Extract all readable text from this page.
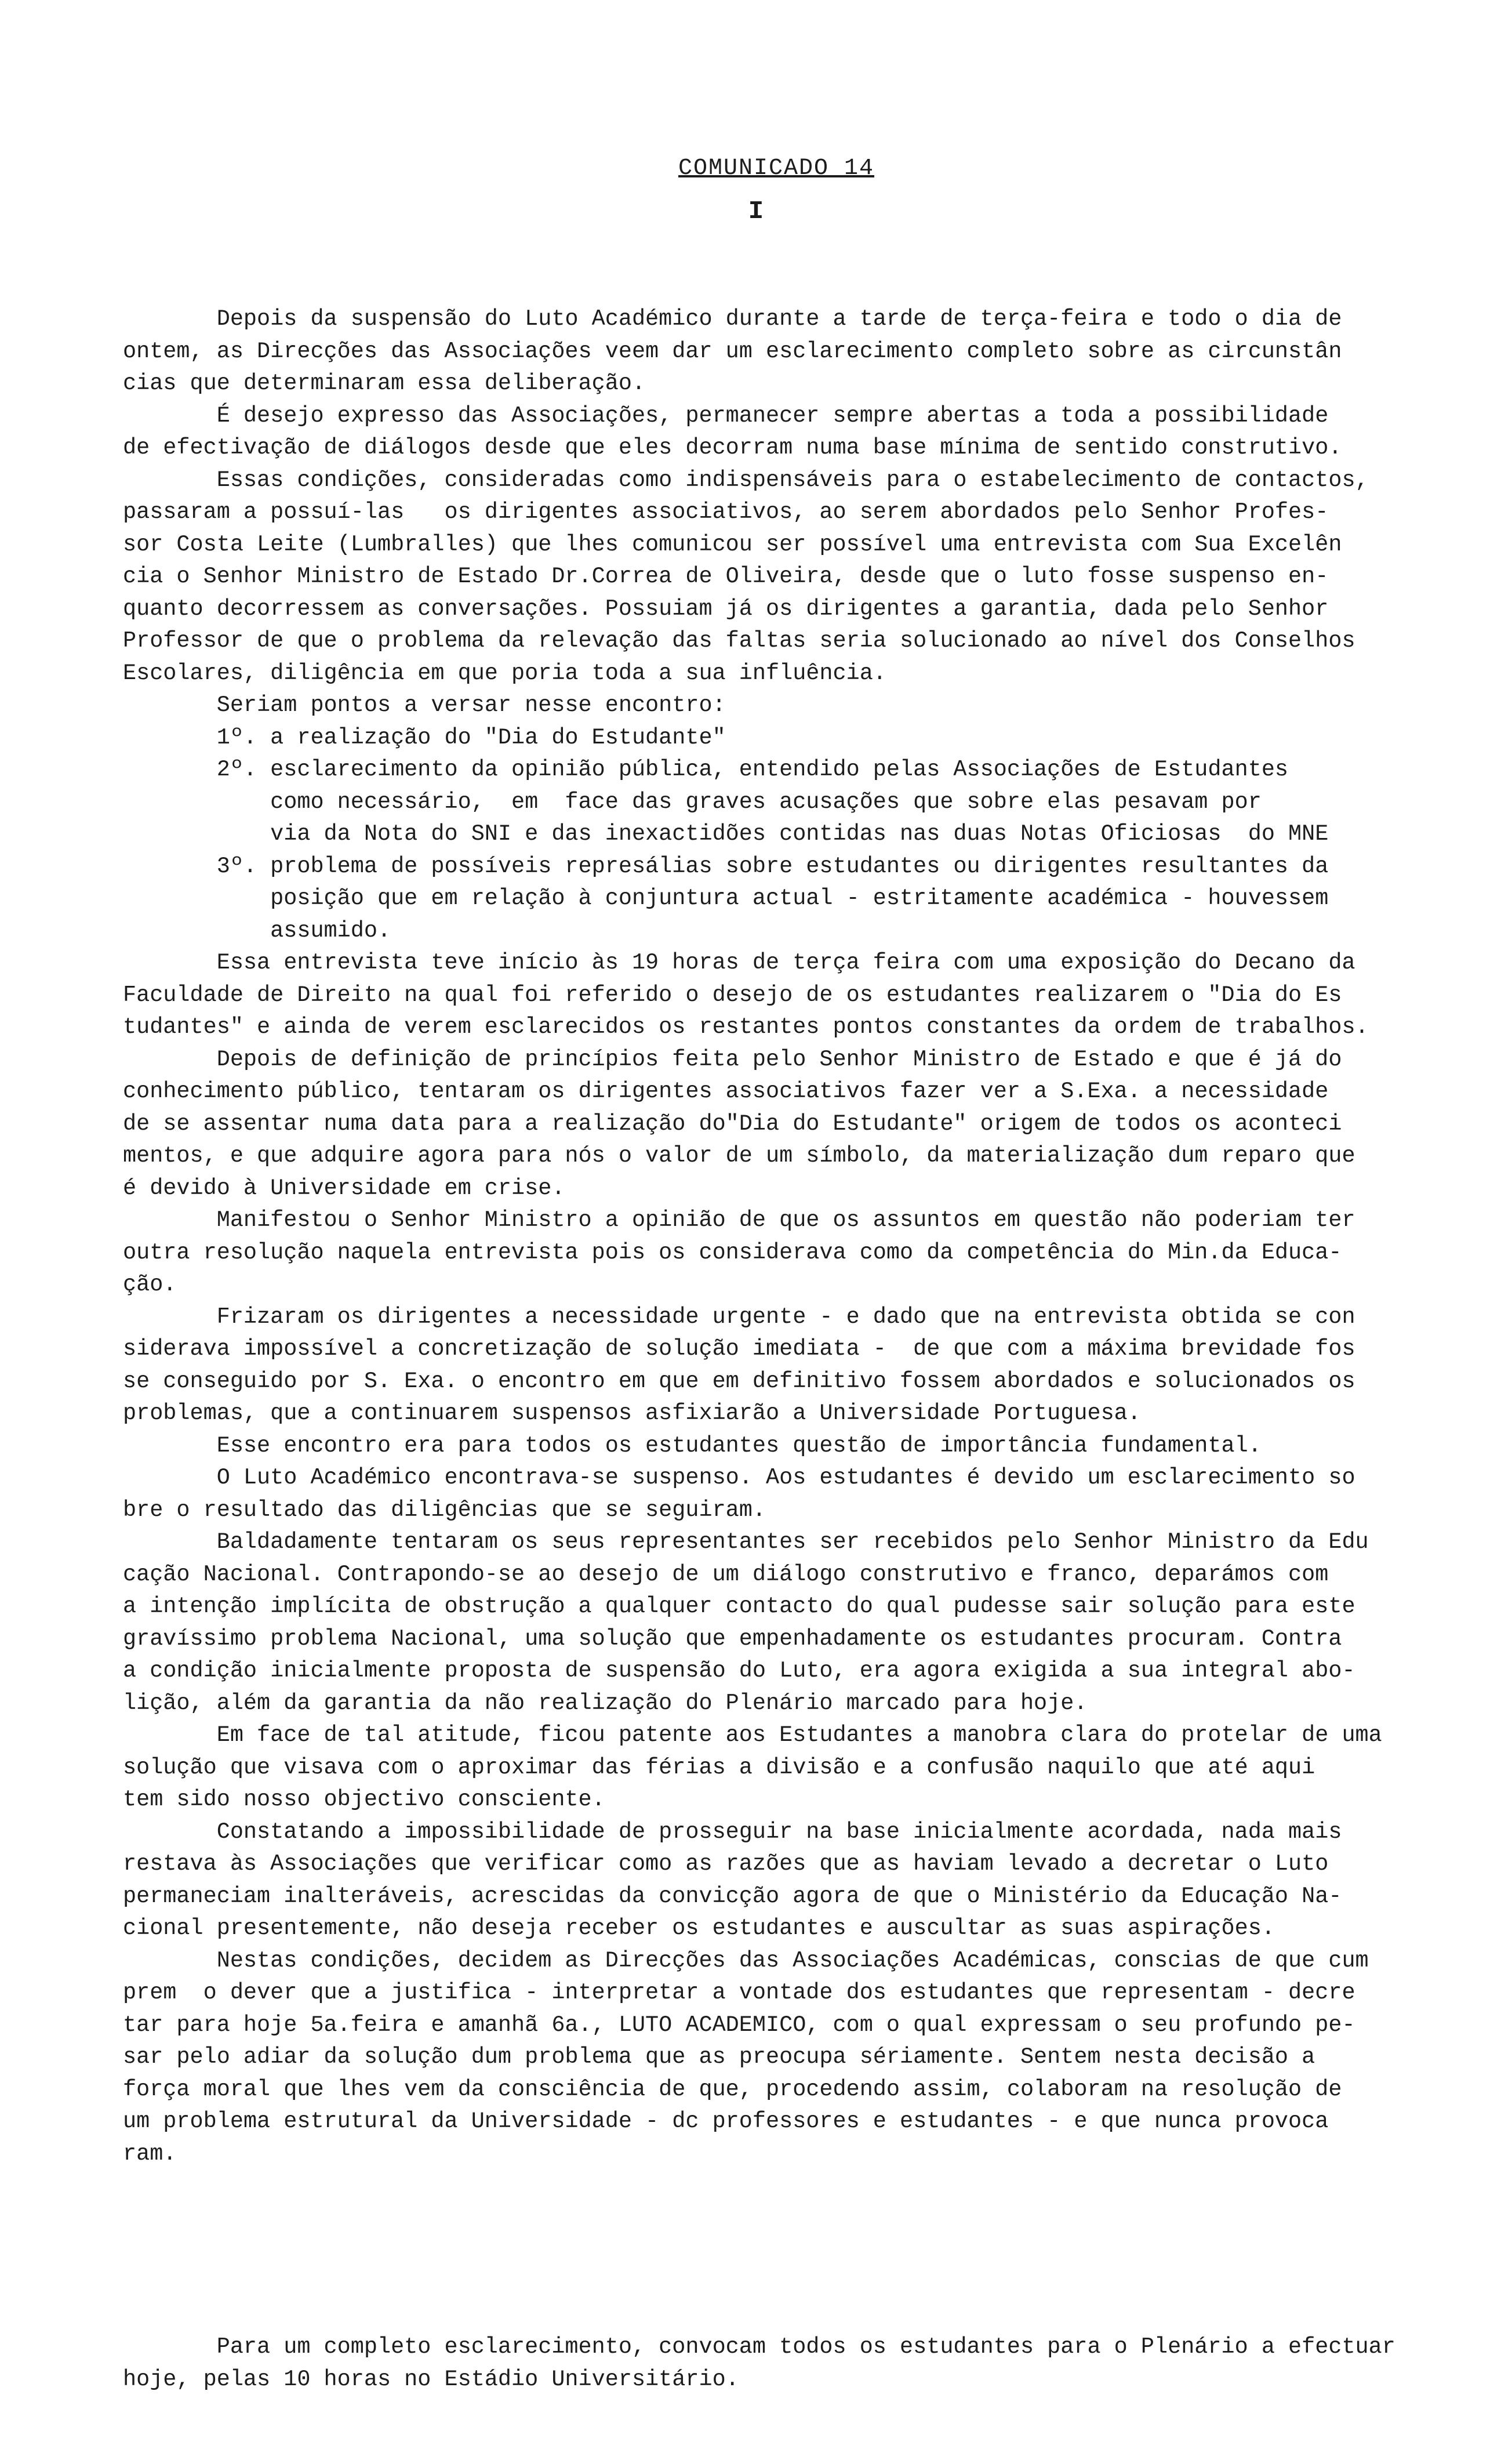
COMUNICADO 14
I

Depois da suspensão do Luto Académico durante a tarde de terça-feira e todo o dia de
ontem, as Direcções das Associações veem dar um esclarecimento completo sobre as circunstân
cias que determinaram essa deliberação.
É desejo expresso das Associações, permanecer sempre abertas a toda a possibilidade
de efectivação de diálogos desde que eles decorram numa base mínima de sentido construtivo.
Essas condições, consideradas como indispensáveis para o estabelecimento de contactos,
passaram a possuí-las   os dirigentes associativos, ao serem abordados pelo Senhor Profes-
sor Costa Leite (Lumbralles) que lhes comunicou ser possível uma entrevista com Sua Excelên
cia o Senhor Ministro de Estado Dr.Correa de Oliveira, desde que o luto fosse suspenso en-
quanto decorressem as conversações. Possuiam já os dirigentes a garantia, dada pelo Senhor
Professor de que o problema da relevação das faltas seria solucionado ao nível dos Conselhos
Escolares, diligência em que poria toda a sua influência.
Seriam pontos a versar nesse encontro:
1º. a realização do "Dia do Estudante"
2º. esclarecimento da opinião pública, entendido pelas Associações de Estudantes
como necessário,  em  face das graves acusações que sobre elas pesavam por
via da Nota do SNI e das inexactidões contidas nas duas Notas Oficiosas  do MNE
3º. problema de possíveis represálias sobre estudantes ou dirigentes resultantes da
posição que em relação à conjuntura actual - estritamente académica - houvessem
assumido.
Essa entrevista teve início às 19 horas de terça feira com uma exposição do Decano da
Faculdade de Direito na qual foi referido o desejo de os estudantes realizarem o "Dia do Es
tudantes" e ainda de verem esclarecidos os restantes pontos constantes da ordem de trabalhos.
Depois de definição de princípios feita pelo Senhor Ministro de Estado e que é já do
conhecimento público, tentaram os dirigentes associativos fazer ver a S.Exa. a necessidade
de se assentar numa data para a realização do"Dia do Estudante" origem de todos os aconteci
mentos, e que adquire agora para nós o valor de um símbolo, da materialização dum reparo que
é devido à Universidade em crise.
Manifestou o Senhor Ministro a opinião de que os assuntos em questão não poderiam ter
outra resolução naquela entrevista pois os considerava como da competência do Min.da Educa-
ção.
Frizaram os dirigentes a necessidade urgente - e dado que na entrevista obtida se con
siderava impossível a concretização de solução imediata -  de que com a máxima brevidade fos
se conseguido por S. Exa. o encontro em que em definitivo fossem abordados e solucionados os
problemas, que a continuarem suspensos asfixiarão a Universidade Portuguesa.
Esse encontro era para todos os estudantes questão de importância fundamental.
O Luto Académico encontrava-se suspenso. Aos estudantes é devido um esclarecimento so
bre o resultado das diligências que se seguiram.
Baldadamente tentaram os seus representantes ser recebidos pelo Senhor Ministro da Edu
cação Nacional. Contrapondo-se ao desejo de um diálogo construtivo e franco, deparámos com
a intenção implícita de obstrução a qualquer contacto do qual pudesse sair solução para este
gravíssimo problema Nacional, uma solução que empenhadamente os estudantes procuram. Contra
a condição inicialmente proposta de suspensão do Luto, era agora exigida a sua integral abo-
lição, além da garantia da não realização do Plenário marcado para hoje.
Em face de tal atitude, ficou patente aos Estudantes a manobra clara do protelar de uma
solução que visava com o aproximar das férias a divisão e a confusão naquilo que até aqui
tem sido nosso objectivo consciente.
Constatando a impossibilidade de prosseguir na base inicialmente acordada, nada mais
restava às Associações que verificar como as razões que as haviam levado a decretar o Luto
permaneciam inalteráveis, acrescidas da convicção agora de que o Ministério da Educação Na-
cional presentemente, não deseja receber os estudantes e auscultar as suas aspirações.
Nestas condições, decidem as Direcções das Associações Académicas, conscias de que cum
prem  o dever que a justifica - interpretar a vontade dos estudantes que representam - decre
tar para hoje 5a.feira e amanhã 6a., LUTO ACADEMICO, com o qual expressam o seu profundo pe-
sar pelo adiar da solução dum problema que as preocupa sériamente. Sentem nesta decisão a
força moral que lhes vem da consciência de que, procedendo assim, colaboram na resolução de
um problema estrutural da Universidade - dc professores e estudantes - e que nunca provoca
ram.

Para um completo esclarecimento, convocam todos os estudantes para o Plenário a efectuar
hoje, pelas 10 horas no Estádio Universitário.
